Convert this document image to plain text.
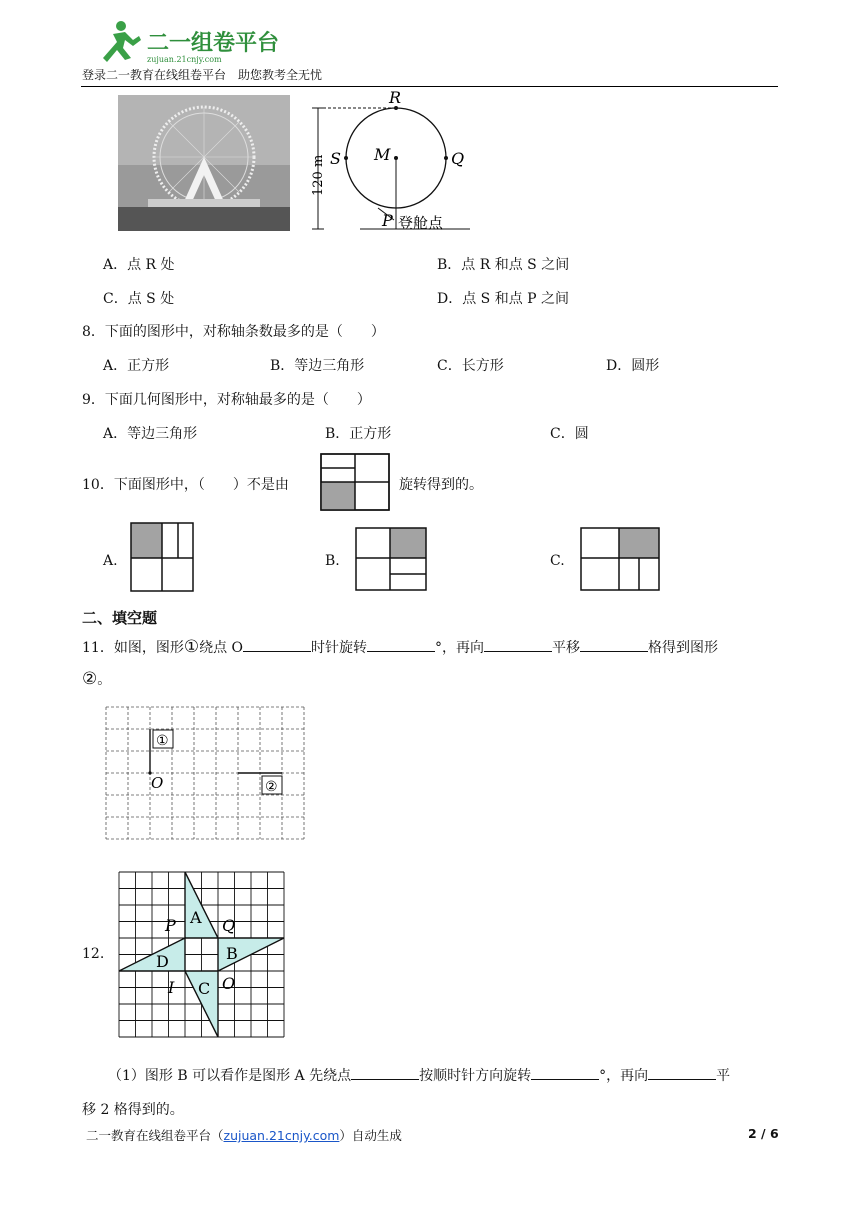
二一组卷平台
zujuan.21cnjy.com
登录二一教育在线组卷平台　助您教考全无忧
120 m
R
S M	Q
P 登舱点
A．点 R 处	B．点 R 和点 S 之间
C．点 S 处	D．点 S 和点 P 之间
8．下面的图形中，对称轴条数最多的是（　　）
A．正方形	B．等边三角形	C．长方形	D．圆形
9．下面几何图形中，对称轴最多的是（　　）
A．等边三角形	B．正方形	C．圆
10．下面图形中，（　　）不是由	旋转得到的。
A.	B.	C.
二、填空题
11．如图，图形①绕点 O	时针旋转	°，再向	平移	格得到图形
②。
①
②
O
12.
A
B
C
D
P	Q
I	O
（1）图形 B 可以看作是图形 A 先绕点	按顺时针方向旋转	°，再向	平
移 2 格得到的。
二一教育在线组卷平台（zujuan.21cnjy.com）自动生成	2 / 6
